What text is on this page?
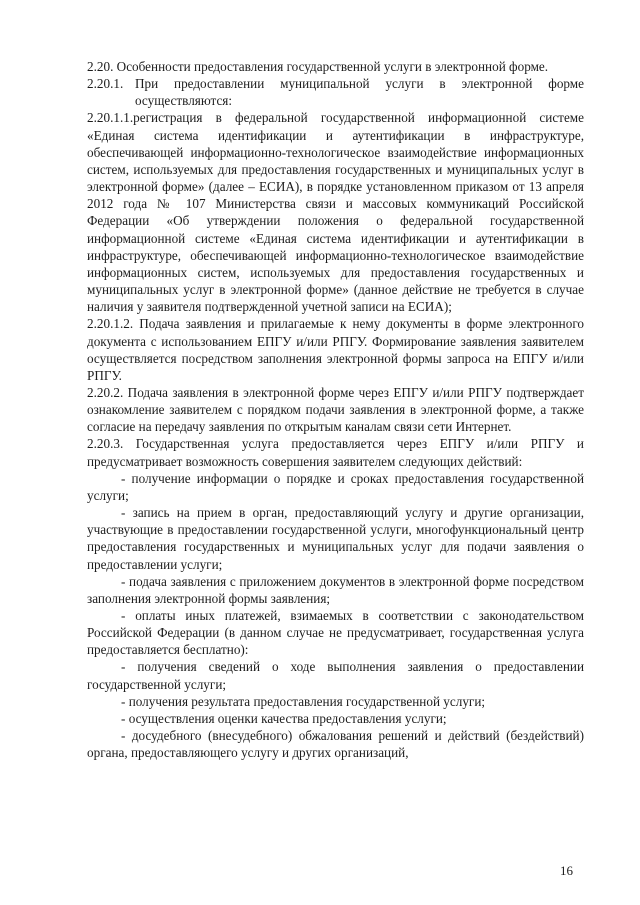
2.20. Особенности предоставления государственной услуги в электронной форме.

2.20.1. При предоставлении муниципальной услуги в электронной форме осуществляются:

2.20.1.1.регистрация в федеральной государственной информационной системе «Единая система идентификации и аутентификации в инфраструктуре, обеспечивающей информационно-технологическое взаимодействие информационных систем, используемых для предоставления государственных и муниципальных услуг в электронной форме» (далее – ЕСИА), в порядке установленном приказом от 13 апреля 2012 года № 107 Министерства связи и массовых коммуникаций Российской Федерации «Об утверждении положения о федеральной государственной информационной системе «Единая система идентификации и аутентификации в инфраструктуре, обеспечивающей информационно-технологическое взаимодействие информационных систем, используемых для предоставления государственных и муниципальных услуг в электронной форме» (данное действие не требуется в случае наличия у заявителя подтвержденной учетной записи на ЕСИА);

2.20.1.2. Подача заявления и прилагаемые к нему документы в форме электронного документа с использованием ЕПГУ и/или РПГУ. Формирование заявления заявителем осуществляется посредством заполнения электронной формы запроса на ЕПГУ и/или РПГУ.

2.20.2. Подача заявления в электронной форме через ЕПГУ и/или РПГУ подтверждает ознакомление заявителем с порядком подачи заявления в электронной форме, а также согласие на передачу заявления по открытым каналам связи сети Интернет.

2.20.3. Государственная услуга предоставляется через ЕПГУ и/или РПГУ и предусматривает возможность совершения заявителем следующих действий:

- получение информации о порядке и сроках предоставления государственной услуги;

- запись на прием в орган, предоставляющий услугу и другие организации, участвующие в предоставлении государственной услуги, многофункциональный центр предоставления государственных и муниципальных услуг для подачи заявления о предоставлении услуги;

- подача заявления с приложением документов в электронной форме посредством заполнения электронной формы заявления;

- оплаты иных платежей, взимаемых в соответствии с законодательством Российской Федерации (в данном случае не предусматривает, государственная услуга предоставляется бесплатно):

- получения сведений о ходе выполнения заявления о предоставлении государственной услуги;

- получения результата предоставления государственной услуги;

- осуществления оценки качества предоставления услуги;

- досудебного (внесудебного) обжалования решений и действий (бездействий) органа, предоставляющего услугу и других организаций,

16
